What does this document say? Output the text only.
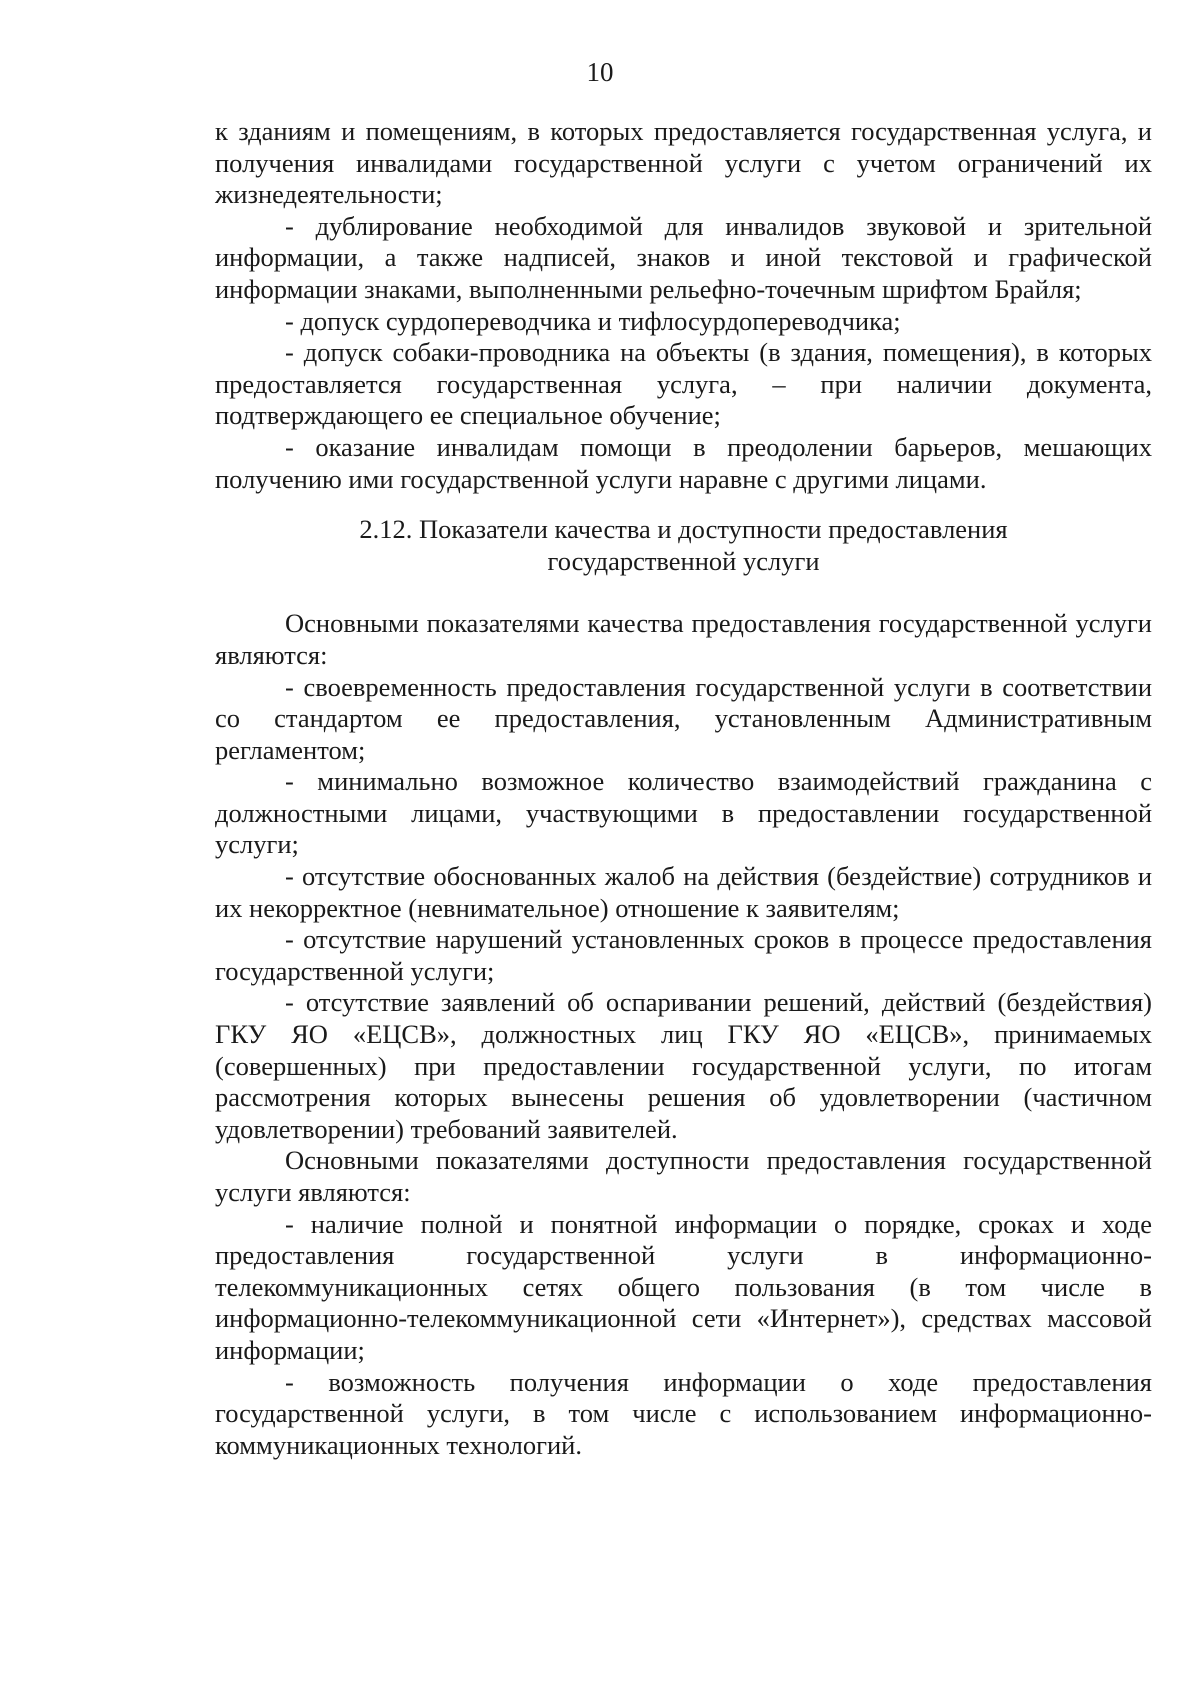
10

к зданиям и помещениям, в которых предоставляется государственная услуга, и получения инвалидами государственной услуги с учетом ограничений их жизнедеятельности;

- дублирование необходимой для инвалидов звуковой и зрительной информации, а также надписей, знаков и иной текстовой и графической информации знаками, выполненными рельефно-точечным шрифтом Брайля;

- допуск сурдопереводчика и тифлосурдопереводчика;

- допуск собаки-проводника на объекты (в здания, помещения), в которых предоставляется государственная услуга, – при наличии документа, подтверждающего ее специальное обучение;

- оказание инвалидам помощи в преодолении барьеров, мешающих получению ими государственной услуги наравне с другими лицами.

2.12. Показатели качества и доступности предоставления
государственной услуги

Основными показателями качества предоставления государственной услуги являются:

- своевременность предоставления государственной услуги в соответствии со стандартом ее предоставления, установленным Административным регламентом;

- минимально возможное количество взаимодействий гражданина с должностными лицами, участвующими в предоставлении государственной услуги;

- отсутствие обоснованных жалоб на действия (бездействие) сотрудников и их некорректное (невнимательное) отношение к заявителям;

- отсутствие нарушений установленных сроков в процессе предоставления государственной услуги;

- отсутствие заявлений об оспаривании решений, действий (бездействия) ГКУ ЯО «ЕЦСВ», должностных лиц ГКУ ЯО «ЕЦСВ», принимаемых (совершенных) при предоставлении государственной услуги, по итогам рассмотрения которых вынесены решения об удовлетворении (частичном удовлетворении) требований заявителей.

Основными показателями доступности предоставления государственной услуги являются:

- наличие полной и понятной информации о порядке, сроках и ходе предоставления государственной услуги в информационно-телекоммуникационных сетях общего пользования (в том числе в информационно-телекоммуникационной сети «Интернет»), средствах массовой информации;

- возможность получения информации о ходе предоставления государственной услуги, в том числе с использованием информационно-коммуникационных технологий.
